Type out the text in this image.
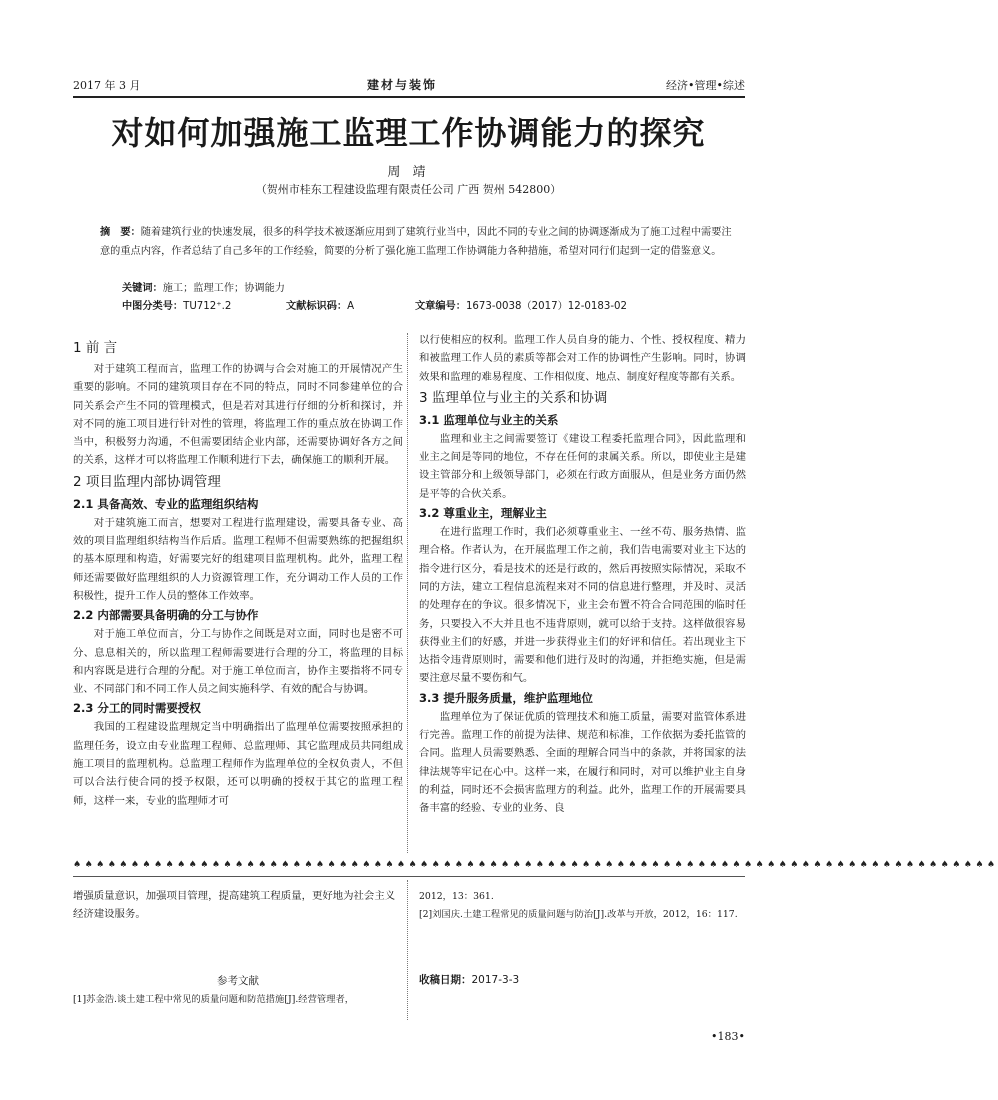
2017 年 3 月	建材与装饰	经济•管理•综述
对如何加强施工监理工作协调能力的探究
周 靖
（贺州市桂东工程建设监理有限责任公司 广西 贺州 542800）
摘　要：随着建筑行业的快速发展，很多的科学技术被逐渐应用到了建筑行业当中，因此不同的专业之间的协调逐渐成为了施工过程中需要注意的重点内容，作者总结了自己多年的工作经验，简要的分析了强化施工监理工作协调能力各种措施，希望对同行们起到一定的借鉴意义。
关键词：施工；监理工作；协调能力
中图分类号：TU712⁺.2	文献标识码：A	文章编号：1673-0038（2017）12-0183-02
1 前 言

对于建筑工程而言，监理工作的协调与合会对施工的开展情况产生重要的影响。不同的建筑项目存在不同的特点，同时不同参建单位的合同关系会产生不同的管理模式，但是若对其进行仔细的分析和探讨，并对不同的施工项目进行针对性的管理，将监理工作的重点放在协调工作当中，积极努力沟通，不但需要团结企业内部，还需要协调好各方之间的关系，这样才可以将监理工作顺利进行下去，确保施工的顺利开展。

2 项目监理内部协调管理
2.1 具备高效、专业的监理组织结构

对于建筑施工而言，想要对工程进行监理建设，需要具备专业、高效的项目监理组织结构当作后盾。监理工程师不但需要熟练的把握组织的基本原理和构造，好需要完好的组建项目监理机构。此外，监理工程师还需要做好监理组织的人力资源管理工作，充分调动工作人员的工作积极性，提升工作人员的整体工作效率。

2.2 内部需要具备明确的分工与协作

对于施工单位而言，分工与协作之间既是对立面，同时也是密不可分、息息相关的，所以监理工程师需要进行合理的分工，将监理的目标和内容既是进行合理的分配。对于施工单位而言，协作主要指将不同专业、不同部门和不同工作人员之间实施科学、有效的配合与协调。

2.3 分工的同时需要授权

我国的工程建设监理规定当中明确指出了监理单位需要按照承担的监理任务，设立由专业监理工程师、总监理师、其它监理成员共同组成施工项目的监理机构。总监理工程师作为监理单位的全权负责人，不但可以合法行使合同的授予权限，还可以明确的授权于其它的监理工程师，这样一来，专业的监理师才可

以行使相应的权利。监理工作人员自身的能力、个性、授权程度、精力和被监理工作人员的素质等都会对工作的协调性产生影响。同时，协调效果和监理的难易程度、工作相似度、地点、制度好程度等都有关系。

3 监理单位与业主的关系和协调
3.1 监理单位与业主的关系

监理和业主之间需要签订《建设工程委托监理合同》，因此监理和业主之间是等同的地位，不存在任何的隶属关系。所以，即使业主是建设主管部分和上级领导部门，必须在行政方面服从，但是业务方面仍然是平等的合伙关系。

3.2 尊重业主，理解业主

在进行监理工作时，我们必须尊重业主、一丝不苟、服务热情、监理合格。作者认为，在开展监理工作之前，我们告电需要对业主下达的指令进行区分，看是技术的还是行政的，然后再按照实际情况，采取不同的方法，建立工程信息流程来对不同的信息进行整理，并及时、灵活的处理存在的争议。很多情况下，业主会布置不符合合同范围的临时任务，只要投入不大并且也不违背原则，就可以给于支持。这样做很容易获得业主们的好感，并进一步获得业主们的好评和信任。若出现业主下达指令违背原则时，需要和他们进行及时的沟通，并拒绝实施，但是需要注意尽量不要伤和气。

3.3 提升服务质量，维护监理地位

监理单位为了保证优质的管理技术和施工质量，需要对监管体系进行完善。监理工作的前提为法律、规范和标准，工作依据为委托监管的合同。监理人员需要熟悉、全面的理解合同当中的条款，并将国家的法律法规等牢记在心中。这样一来，在履行和同时，对可以维护业主自身的利益，同时还不会损害监理方的利益。此外，监理工作的开展需要具备丰富的经验、专业的业务、良

♠♠♠♠♠♠♠♠♠♠♠♠♠♠♠♠♠♠♠♠♠♠♠♠♠♠♠♠♠♠♠♠♠♠♠♠♠♠♠♠♠♠♠♠♠♠♠♠♠♠♠♠♠♠♠♠♠♠♠♠♠♠♠♠♠♠♠♠♠♠♠♠♠♠♠♠♠♠♠♠
增强质量意识，加强项目管理，提高建筑工程质量，更好地为社会主义经济建设服务。
参考文献
[1]苏金浩.谈土建工程中常见的质量问题和防范措施[J].经营管理者，
2012，13：361.
[2]刘国庆.土建工程常见的质量问题与防治[J].改革与开放，2012，16：117.
收稿日期：2017-3-3
•183•
